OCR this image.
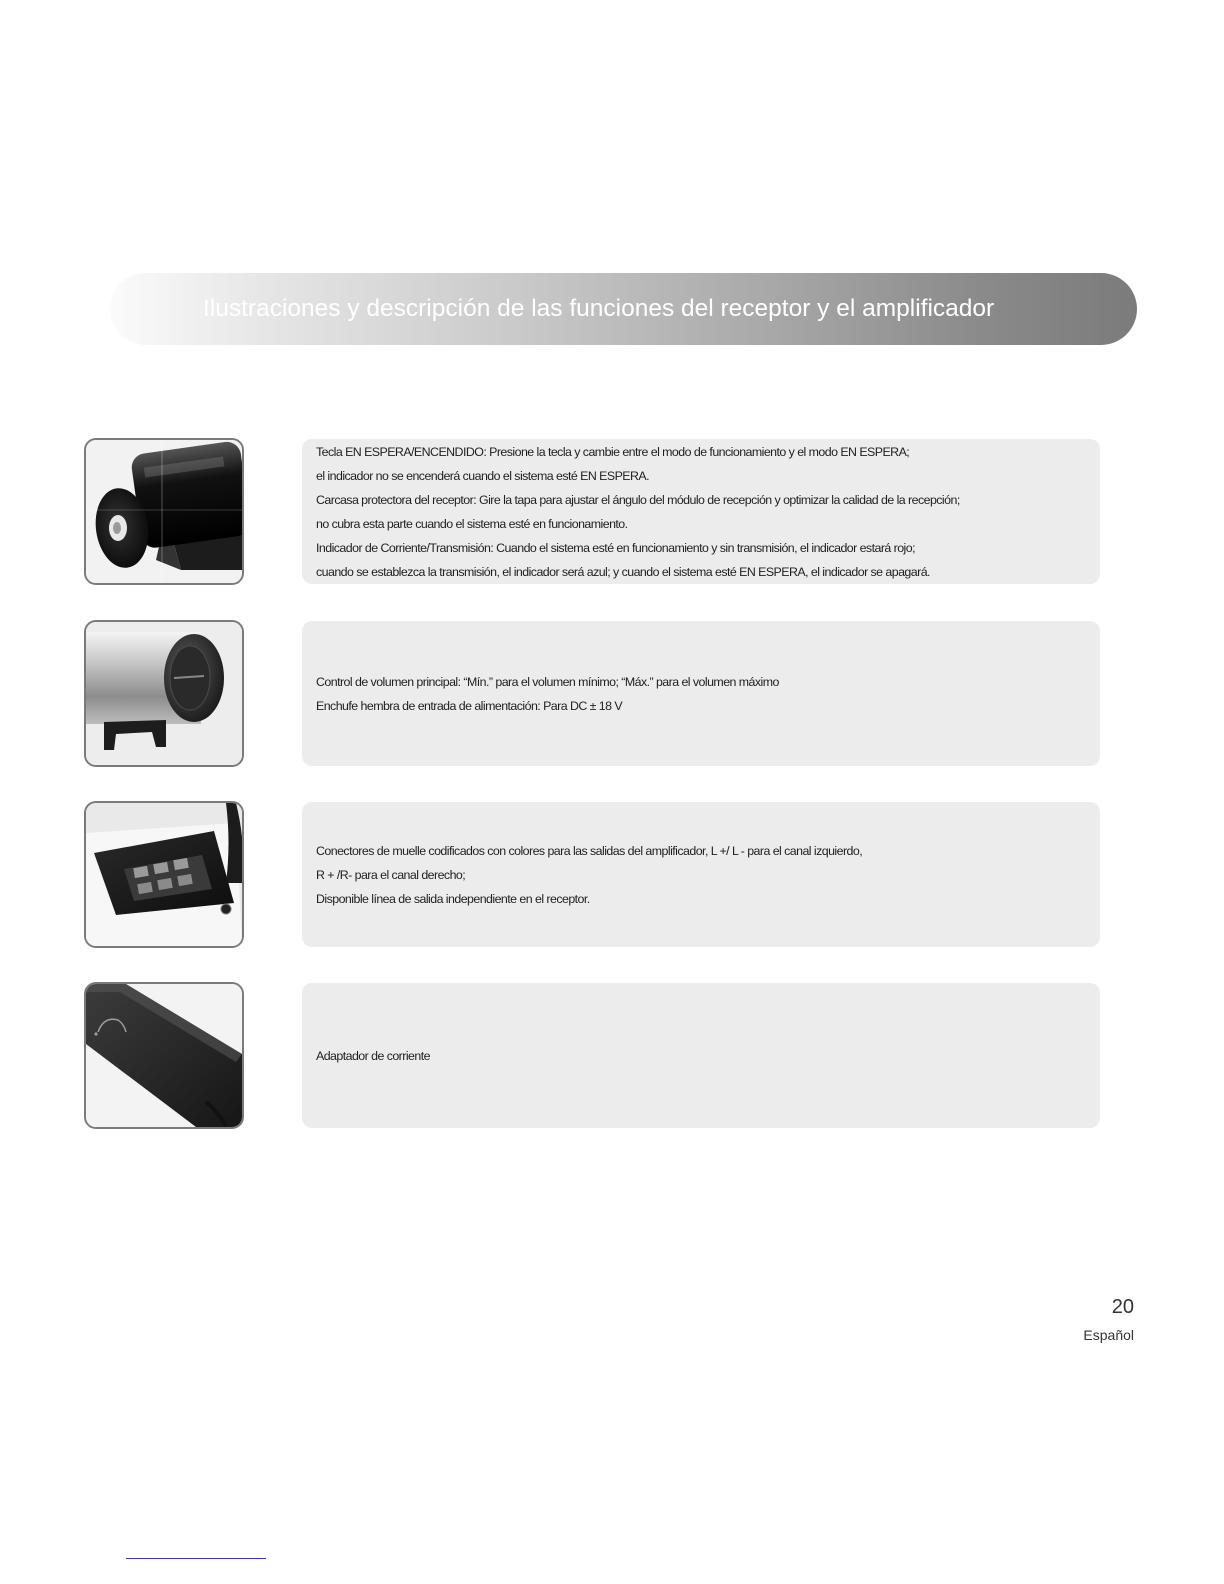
Ilustraciones y descripción de las funciones del receptor y el amplificador

Tecla EN ESPERA/ENCENDIDO: Presione la tecla y cambie entre el modo de funcionamiento y el modo EN ESPERA;

el indicador no se encenderá cuando el sistema esté EN ESPERA.

Carcasa protectora del receptor: Gire la tapa para ajustar el ángulo del módulo de recepción y optimizar la calidad de la recepción;

no cubra esta parte cuando el sistema esté en funcionamiento.

Indicador de Corriente/Transmisión: Cuando el sistema esté en funcionamiento y sin transmisión, el indicador estará rojo;

cuando se establezca la transmisión, el indicador será azul; y cuando el sistema esté EN ESPERA, el indicador se apagará.

Control de volumen principal: “Mín.” para el volumen mínimo; “Máx.” para el volumen máximo

Enchufe hembra de entrada de alimentación: Para DC ± 18 V

Conectores de muelle codificados con colores para las salidas del amplificador, L +/ L - para el canal izquierdo,

R + /R- para el canal derecho;

Disponible línea de salida independiente en el receptor.

Adaptador de corriente

20
Español
